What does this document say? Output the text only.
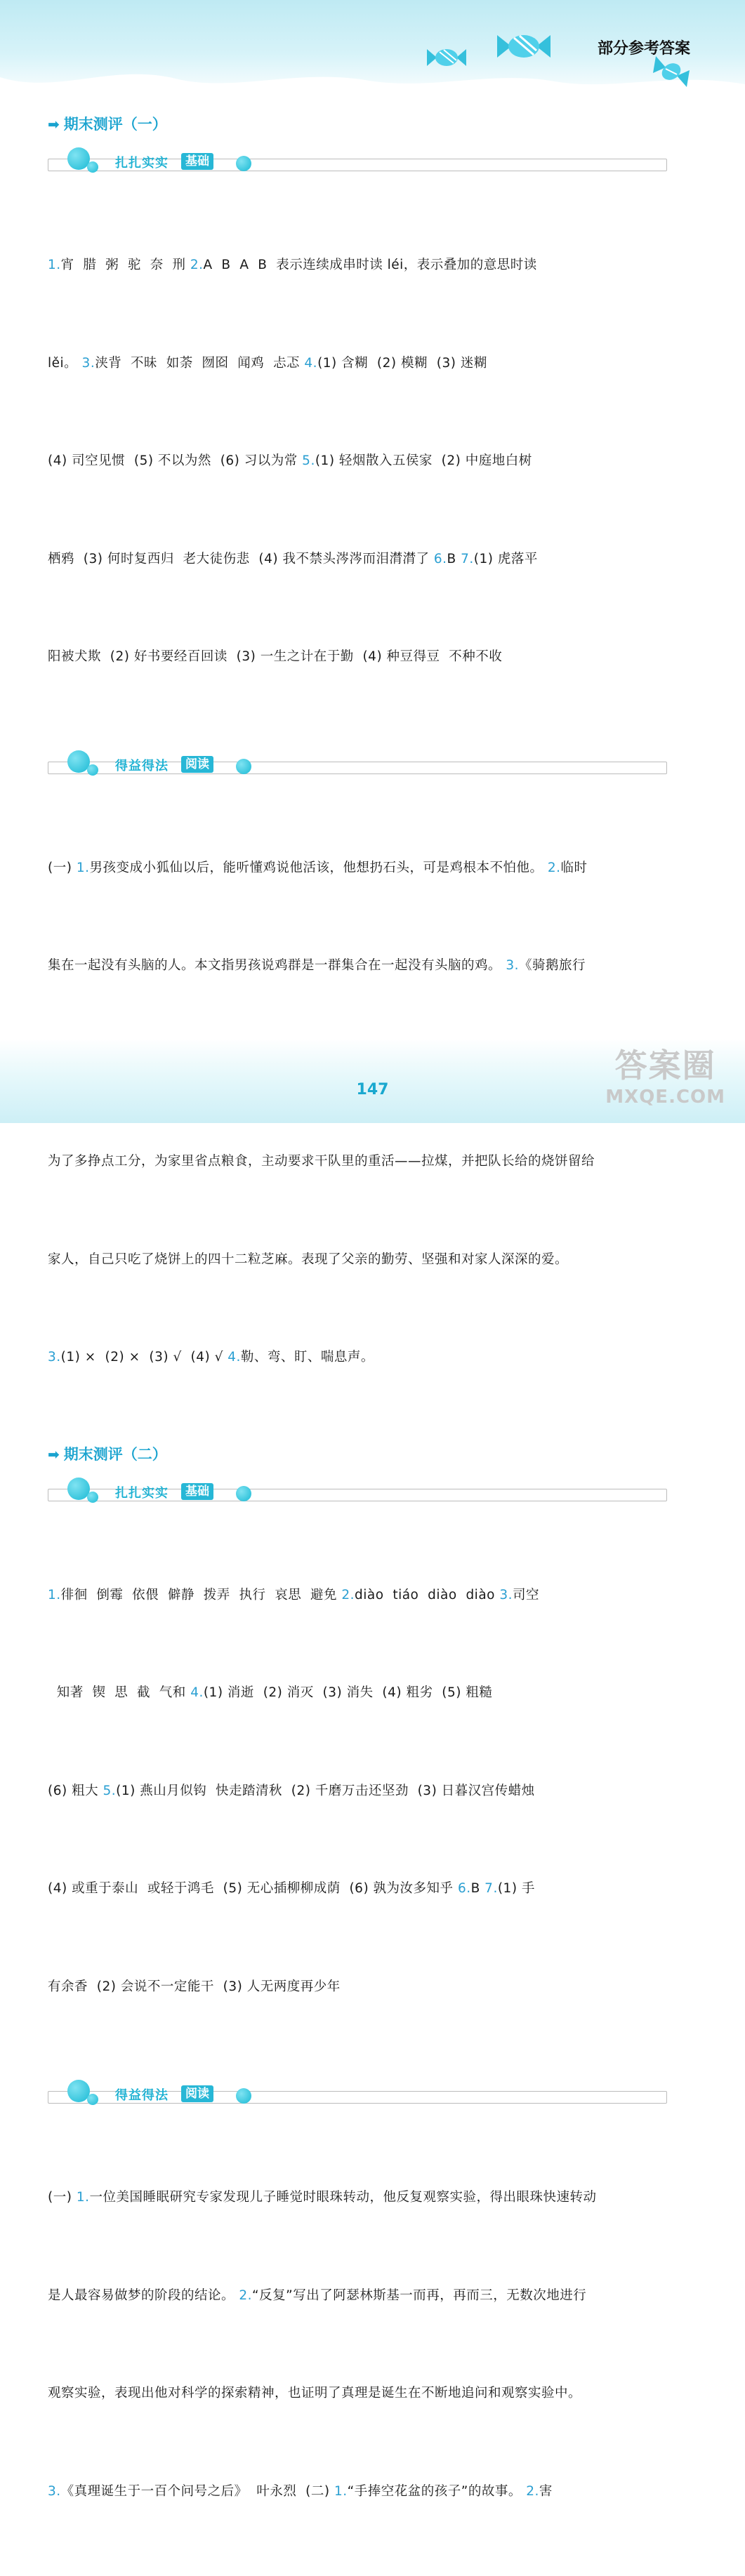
部分参考答案
➡ 期末测评（一）
扎扎实实	基础

1.宵  腊  粥  驼  奈  刑 2.A  B  A  B  表示连续成串时读 léi，表示叠加的意思时读

lěi。 3.浃背  不昧  如荼  囫囵  闻鸡  忐忑 4.(1) 含糊  (2) 模糊  (3) 迷糊

(4) 司空见惯  (5) 不以为然  (6) 习以为常 5.(1) 轻烟散入五侯家  (2) 中庭地白树

栖鸦  (3) 何时复西归  老大徒伤悲  (4) 我不禁头涔涔而泪潸潸了 6.B 7.(1) 虎落平

阳被犬欺  (2) 好书要经百回读  (3) 一生之计在于勤  (4) 种豆得豆  不种不收

得益得法	阅读

(一) 1.男孩变成小狐仙以后，能听懂鸡说他活该，他想扔石头，可是鸡根本不怕他。 2.临时

集在一起没有头脑的人。本文指男孩说鸡群是一群集合在一起没有头脑的鸡。 3.《骑鹅旅行

为了多挣点工分，为家里省点粮食，主动要求干队里的重活——拉煤，并把队长给的烧饼留给

家人，自己只吃了烧饼上的四十二粒芝麻。表现了父亲的勤劳、坚强和对家人深深的爱。

3.(1) ×  (2) ×  (3) √  (4) √ 4.勒、弯、盯、喘息声。

➡ 期末测评（二）
扎扎实实	基础

1.徘徊  倒霉  依偎  僻静  拨弄  执行  哀思  避免 2.diào  tiáo  diào  diào 3.司空

知著  锲  思  截  气和 4.(1) 消逝  (2) 消灭  (3) 消失  (4) 粗劣  (5) 粗糙

(6) 粗大 5.(1) 燕山月似钩  快走踏清秋  (2) 千磨万击还坚劲  (3) 日暮汉宫传蜡烛

(4) 或重于泰山  或轻于鸿毛  (5) 无心插柳柳成荫  (6) 孰为汝多知乎 6.B 7.(1) 手

有余香  (2) 会说不一定能干  (3) 人无两度再少年

得益得法	阅读

(一) 1.一位美国睡眠研究专家发现儿子睡觉时眼珠转动，他反复观察实验，得出眼珠快速转动

是人最容易做梦的阶段的结论。 2.“反复”写出了阿瑟林斯基一而再，再而三，无数次地进行

观察实验，表现出他对科学的探索精神，也证明了真理是诞生在不断地追问和观察实验中。

3.《真理诞生于一百个问号之后》  叶永烈  (二) 1.“手捧空花盆的孩子”的故事。 2.害

147
答案圈
MXQE.COM
